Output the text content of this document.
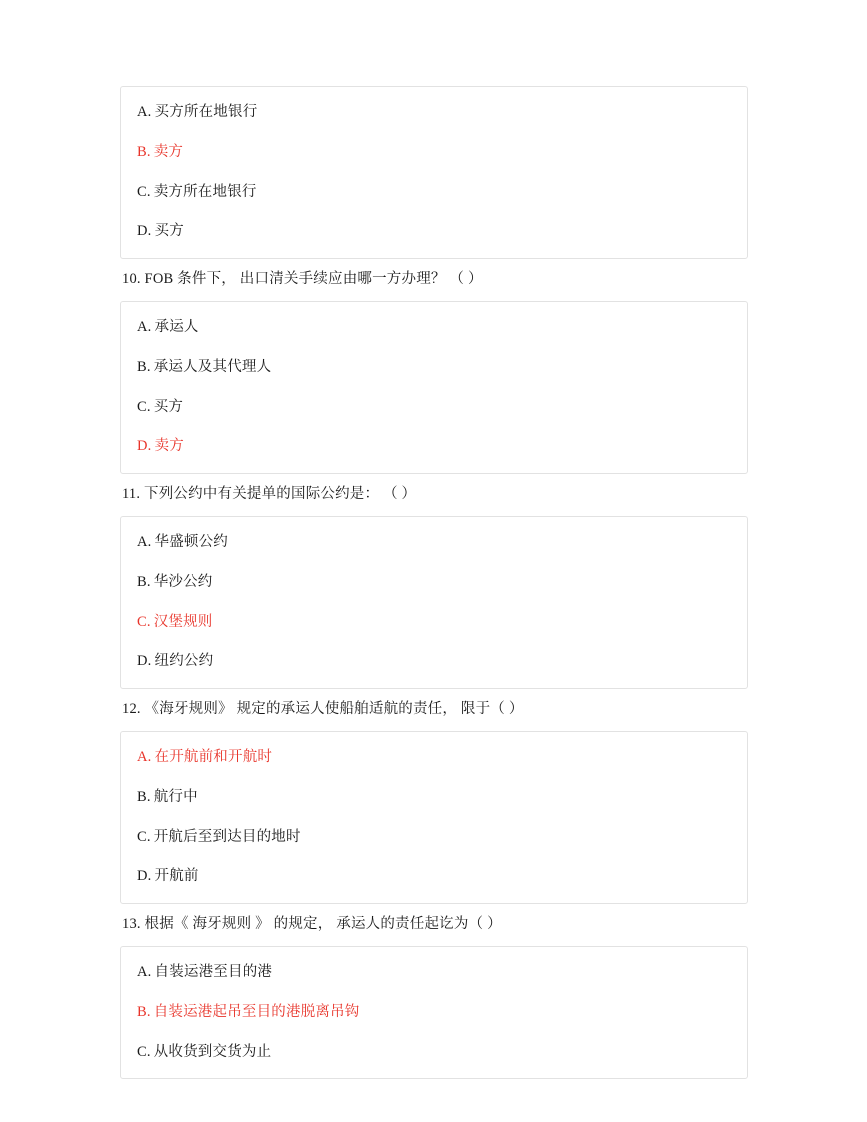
A. 买方所在地银行
B. 卖方
C. 卖方所在地银行
D. 买方
10. FOB 条件下， 出口清关手续应由哪一方办理？ （ ）
A. 承运人
B. 承运人及其代理人
C. 买方
D. 卖方
11. 下列公约中有关提单的国际公约是： （ ）
A. 华盛顿公约
B. 华沙公约
C. 汉堡规则
D. 纽约公约
12. 《海牙规则》 规定的承运人使船舶适航的责任， 限于（ ）
A. 在开航前和开航时
B. 航行中
C. 开航后至到达目的地时
D. 开航前
13. 根据《 海牙规则 》 的规定， 承运人的责任起讫为（ ）
A. 自装运港至目的港
B. 自装运港起吊至目的港脱离吊钩
C. 从收货到交货为止
